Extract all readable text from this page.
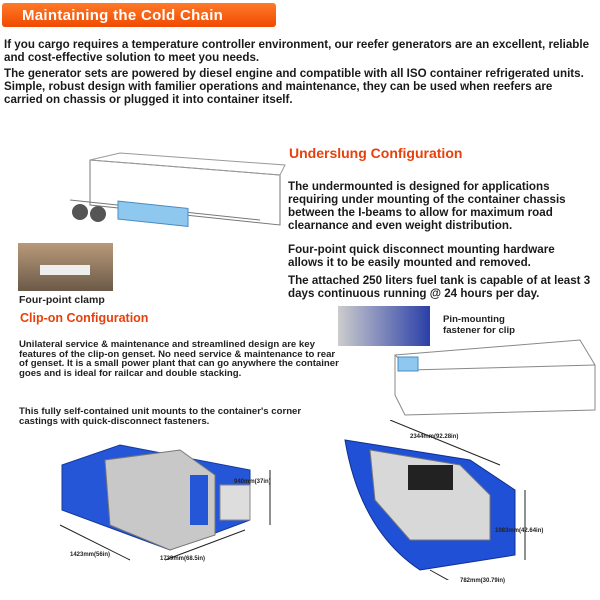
Maintaining the Cold Chain

If you cargo requires a temperature controller environment, our reefer generators are an excellent, reliable and cost-effective solution to meet you needs.

The generator sets are powered by diesel engine and compatible with all ISO container refrigerated units. Simple, robust design with familier operations and maintenance, they can be used when reefers are carried on chassis or plugged it into container itself.

Four-point clamp
Underslung Configuration

The undermounted is designed for applications requiring under mounting of the container chassis between the I-beams to allow for maximum road clearnance and even weight distribution.

Four-point quick disconnect mounting hardware allows it to be easily mounted and removed.

The attached 250 liters fuel tank is capable of at least 3 days continuous running @ 24 hours per day.

Pin-mounting fastener for clip
Clip-on Configuration

Unilateral service & maintenance and streamlined design are key features of the clip-on genset. No need service & maintenance to rear of genset. It is a small power plant that can go anywhere the container goes and is ideal for railcar and double stacking.

This fully self-contained unit mounts to the container's corner castings with quick-disconnect fasteners.

1423mm(56in)
1739mm(68.5in)
940mm(37in)
2344mm(92.28in)
1083mm(42.64in)
782mm(30.79in)
